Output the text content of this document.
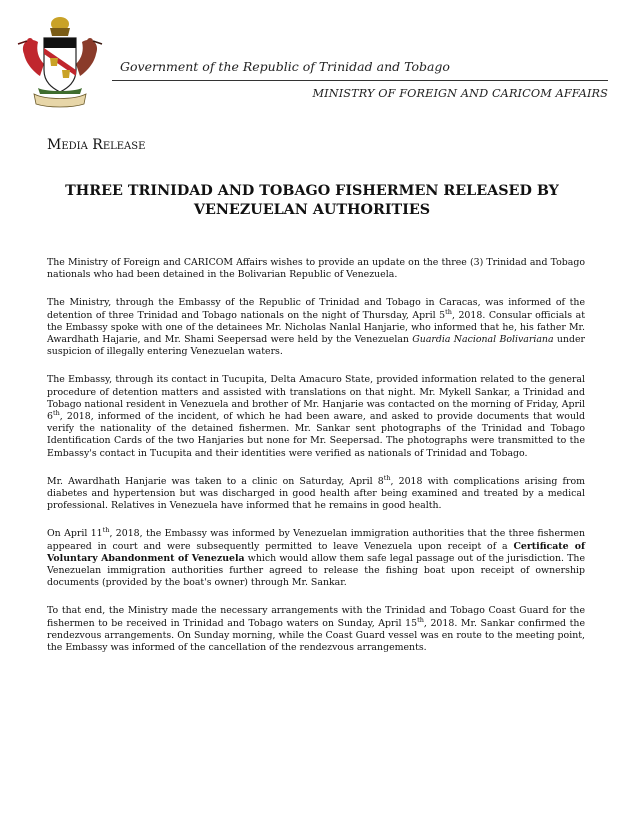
Government of the Republic of Trinidad and Tobago
MINISTRY OF FOREIGN AND CARICOM AFFAIRS
Media Release
THREE TRINIDAD AND TOBAGO FISHERMEN RELEASED BY
VENEZUELAN AUTHORITIES

The Ministry of Foreign and CARICOM Affairs wishes to provide an update on the three (3) Trinidad and Tobago nationals who had been detained in the Bolivarian Republic of Venezuela.

The Ministry, through the Embassy of the Republic of Trinidad and Tobago in Caracas, was informed of the detention of three Trinidad and Tobago nationals on the night of Thursday, April 5th, 2018. Consular officials at the Embassy spoke with one of the detainees Mr. Nicholas Nanlal Hanjarie, who informed that he, his father Mr. Awardhath Hajarie, and Mr. Shami Seepersad were held by the Venezuelan Guardia Nacional Bolivariana under suspicion of illegally entering Venezuelan waters.

The Embassy, through its contact in Tucupita, Delta Amacuro State, provided information related to the general procedure of detention matters and assisted with translations on that night. Mr. Mykell Sankar, a Trinidad and Tobago national resident in Venezuela and brother of Mr. Hanjarie was contacted on the morning of Friday, April 6th, 2018, informed of the incident, of which he had been aware, and asked to provide documents that would verify the nationality of the detained fishermen. Mr. Sankar sent photographs of the Trinidad and Tobago Identification Cards of the two Hanjaries but none for Mr. Seepersad. The photographs were transmitted to the Embassy's contact in Tucupita and their identities were verified as nationals of Trinidad and Tobago.

Mr. Awardhath Hanjarie was taken to a clinic on Saturday, April 8th, 2018 with complications arising from diabetes and hypertension but was discharged in good health after being examined and treated by a medical professional. Relatives in Venezuela have informed that he remains in good health.

On April 11th, 2018, the Embassy was informed by Venezuelan immigration authorities that the three fishermen appeared in court and were subsequently permitted to leave Venezuela upon receipt of a Certificate of Voluntary Abandonment of Venezuela which would allow them safe legal passage out of the jurisdiction. The Venezuelan immigration authorities further agreed to release the fishing boat upon receipt of ownership documents (provided by the boat's owner) through Mr. Sankar.

To that end, the Ministry made the necessary arrangements with the Trinidad and Tobago Coast Guard for the fishermen to be received in Trinidad and Tobago waters on Sunday, April 15th, 2018. Mr. Sankar confirmed the rendezvous arrangements. On Sunday morning, while the Coast Guard vessel was en route to the meeting point, the Embassy was informed of the cancellation of the rendezvous arrangements.
